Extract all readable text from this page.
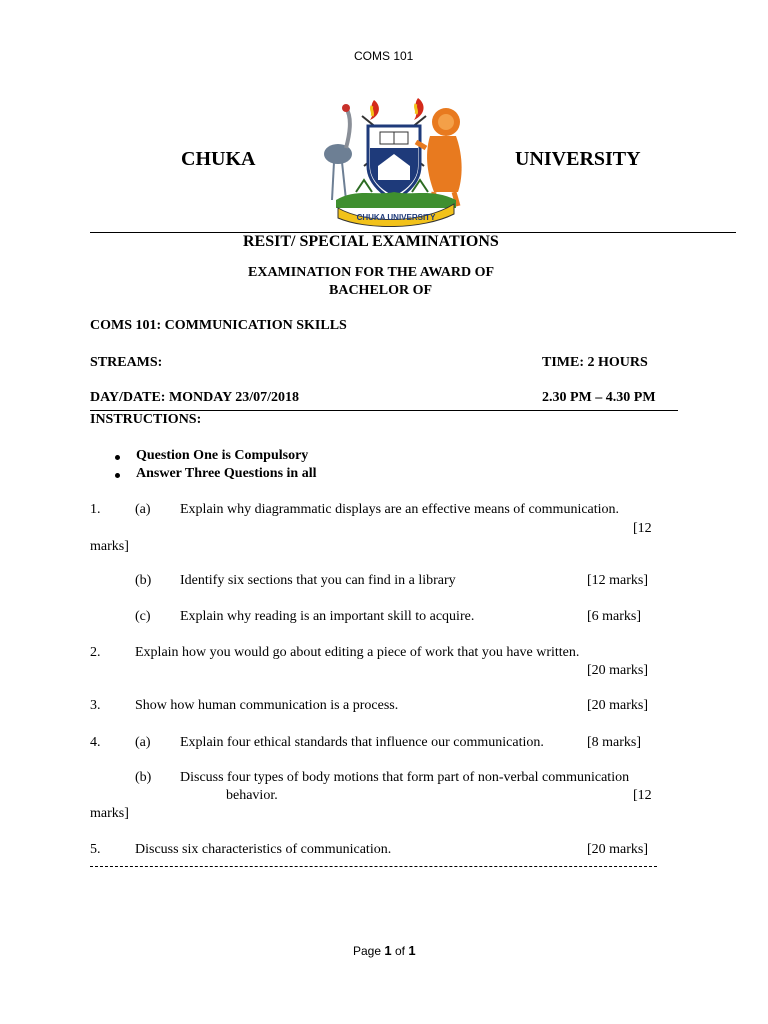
COMS 101
CHUKA	UNIVERSITY
CHUKA UNIVERSITY
RESIT/ SPECIAL EXAMINATIONS
EXAMINATION FOR THE AWARD OF
BACHELOR OF
COMS 101: COMMUNICATION SKILLS
STREAMS:	TIME: 2 HOURS
DAY/DATE: MONDAY 23/07/2018	2.30 PM – 4.30 PM
INSTRUCTIONS:
Question One is Compulsory
Answer Three Questions in all
1. (a) Explain why diagrammatic displays are an effective means of communication.
[12
marks]
(b) Identify six sections that you can find in a library	[12 marks]
(c) Explain why reading is an important skill to acquire.	[6 marks]
2. Explain how you would go about editing a piece of work that you have written.
[20 marks]
3. Show how human communication is a process.	[20 marks]
4. (a) Explain four ethical standards that influence our communication.	[8 marks]
(b) Discuss four types of body motions that form part of non-verbal communication
behavior.	[12
marks]
5. Discuss six characteristics of communication.	[20 marks]
Page 1 of 1
